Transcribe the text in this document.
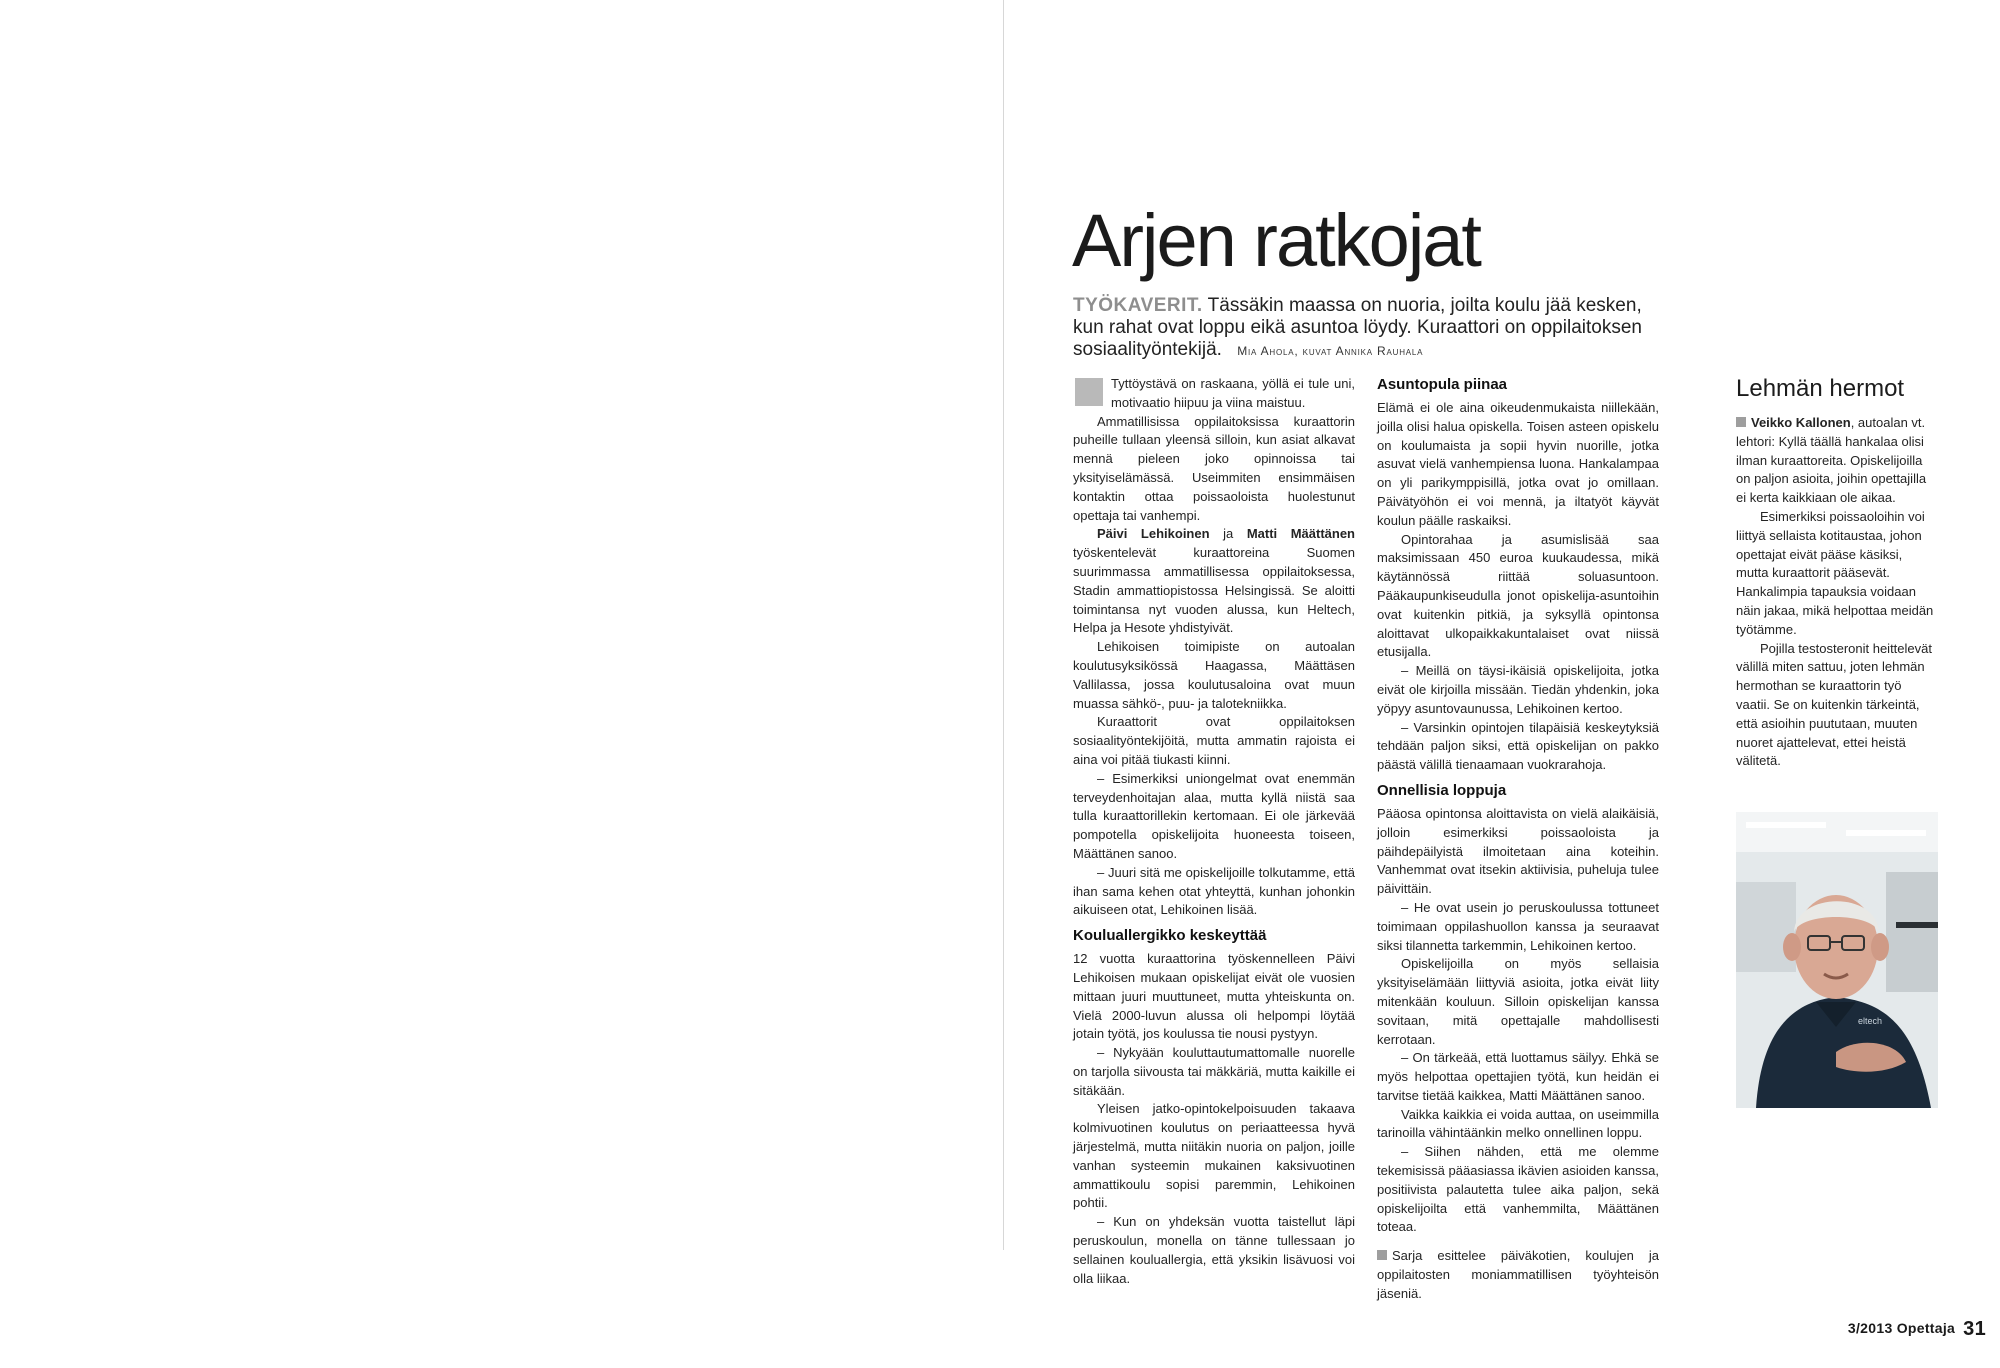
Arjen ratkojat

TYÖKAVERIT. Tässäkin maassa on nuoria, joilta koulu jää kesken, kun rahat ovat loppu eikä asuntoa löydy. Kuraattori on oppilaitoksen sosiaalityöntekijä. Mia Ahola, kuvat Annika Rauhala

Tyttöystävä on raskaana, yöllä ei tule uni, motivaatio hiipuu ja viina maistuu.

Ammatillisissa oppilaitoksissa kuraattorin puheille tullaan yleensä silloin, kun asiat alkavat mennä pieleen joko opinnoissa tai yksityiselämässä. Useimmiten ensimmäisen kontaktin ottaa poissaoloista huolestunut opettaja tai vanhempi.

Päivi Lehikoinen ja Matti Määttänen työskentelevät kuraattoreina Suomen suurimmassa ammatillisessa oppilaitoksessa, Stadin ammattiopistossa Helsingissä. Se aloitti toimintansa nyt vuoden alussa, kun Heltech, Helpa ja Hesote yhdistyivät.

Lehikoisen toimipiste on autoalan koulutusyksikössä Haagassa, Määttäsen Vallilassa, jossa koulutusaloina ovat muun muassa sähkö-, puu- ja talotekniikka.

Kuraattorit ovat oppilaitoksen sosiaalityöntekijöitä, mutta ammatin rajoista ei aina voi pitää tiukasti kiinni.

– Esimerkiksi uniongelmat ovat enemmän terveydenhoitajan alaa, mutta kyllä niistä saa tulla kuraattorillekin kertomaan. Ei ole järkevää pompotella opiskelijoita huoneesta toiseen, Määttänen sanoo.

– Juuri sitä me opiskelijoille tolkutamme, että ihan sama kehen otat yhteyttä, kunhan johonkin aikuiseen otat, Lehikoinen lisää.

Kouluallergikko keskeyttää

12 vuotta kuraattorina työskennelleen Päivi Lehikoisen mukaan opiskelijat eivät ole vuosien mittaan juuri muuttuneet, mutta yhteiskunta on. Vielä 2000-luvun alussa oli helpompi löytää jotain työtä, jos koulussa tie nousi pystyyn.

– Nykyään kouluttautumattomalle nuorelle on tarjolla siivousta tai mäkkäriä, mutta kaikille ei sitäkään.

Yleisen jatko-opintokelpoisuuden takaava kolmivuotinen koulutus on periaatteessa hyvä järjestelmä, mutta niitäkin nuoria on paljon, joille vanhan systeemin mukainen kaksivuotinen ammattikoulu sopisi paremmin, Lehikoinen pohtii.

– Kun on yhdeksän vuotta taistellut läpi peruskoulun, monella on tänne tullessaan jo sellainen kouluallergia, että yksikin lisävuosi voi olla liikaa.

Asuntopula piinaa

Elämä ei ole aina oikeudenmukaista niillekään, joilla olisi halua opiskella. Toisen asteen opiskelu on koulumaista ja sopii hyvin nuorille, jotka asuvat vielä vanhempiensa luona. Hankalampaa on yli parikymppisillä, jotka ovat jo omillaan. Päivätyöhön ei voi mennä, ja iltatyöt käyvät koulun päälle raskaiksi.

Opintorahaa ja asumislisää saa maksimissaan 450 euroa kuukaudessa, mikä käytännössä riittää soluasuntoon. Pääkaupunkiseudulla jonot opiskelija-asuntoihin ovat kuitenkin pitkiä, ja syksyllä opintonsa aloittavat ulkopaikkakuntalaiset ovat niissä etusijalla.

– Meillä on täysi-ikäisiä opiskelijoita, jotka eivät ole kirjoilla missään. Tiedän yhdenkin, joka yöpyy asuntovaunussa, Lehikoinen kertoo.

– Varsinkin opintojen tilapäisiä keskeytyksiä tehdään paljon siksi, että opiskelijan on pakko päästä välillä tienaamaan vuokrarahoja.

Onnellisia loppuja

Pääosa opintonsa aloittavista on vielä alaikäisiä, jolloin esimerkiksi poissaoloista ja päihdepäilyistä ilmoitetaan aina koteihin. Vanhemmat ovat itsekin aktiivisia, puheluja tulee päivittäin.

– He ovat usein jo peruskoulussa tottuneet toimimaan oppilashuollon kanssa ja seuraavat siksi tilannetta tarkemmin, Lehikoinen kertoo.

Opiskelijoilla on myös sellaisia yksityiselämään liittyviä asioita, jotka eivät liity mitenkään kouluun. Silloin opiskelijan kanssa sovitaan, mitä opettajalle mahdollisesti kerrotaan.

– On tärkeää, että luottamus säilyy. Ehkä se myös helpottaa opettajien työtä, kun heidän ei tarvitse tietää kaikkea, Matti Määttänen sanoo.

Vaikka kaikkia ei voida auttaa, on useimmilla tarinoilla vähintäänkin melko onnellinen loppu.

– Siihen nähden, että me olemme tekemisissä pääasiassa ikävien asioiden kanssa, positiivista palautetta tulee aika paljon, sekä opiskelijoilta että vanhemmilta, Määttänen toteaa.

Sarja esittelee päiväkotien, koulujen ja oppilaitosten moniammatillisen työyhteisön jäseniä.

Lehmän hermot

Veikko Kallonen, autoalan vt. lehtori: Kyllä täällä hankalaa olisi ilman kuraattoreita. Opiskelijoilla on paljon asioita, joihin opettajilla ei kerta kaikkiaan ole aikaa.

Esimerkiksi poissaoloihin voi liittyä sellaista kotitaustaa, johon opettajat eivät pääse käsiksi, mutta kuraattorit pääsevät. Hankalimpia tapauksia voidaan näin jakaa, mikä helpottaa meidän työtämme.

Pojilla testosteronit heittelevät välillä miten sattuu, joten lehmän hermothan se kuraattorin työ vaatii. Se on kuitenkin tärkeintä, että asioihin puututaan, muuten nuoret ajattelevat, ettei heistä välitetä.

eltech
3/2013 Opettaja 31
